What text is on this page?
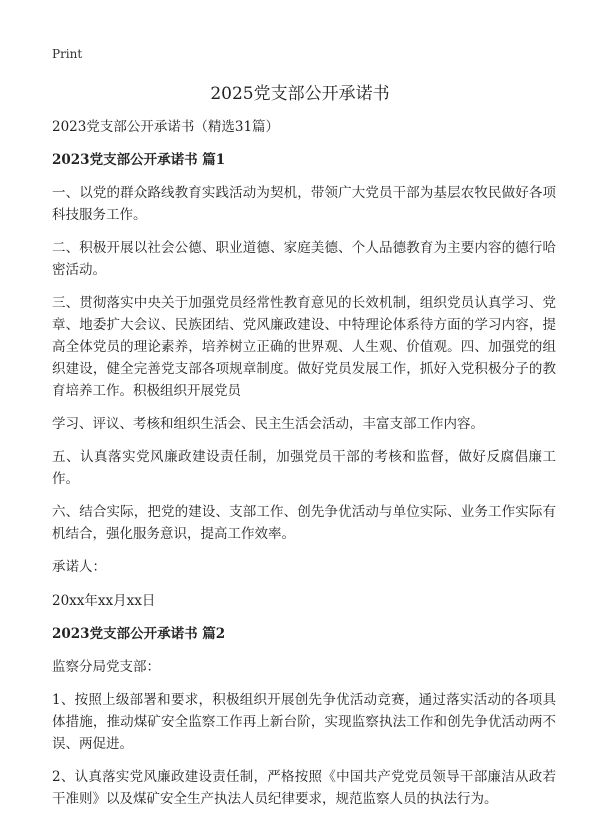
Print
2025党支部公开承诺书

2023党支部公开承诺书（精选31篇）

2023党支部公开承诺书 篇1

一、以党的群众路线教育实践活动为契机，带领广大党员干部为基层农牧民做好各项科技服务工作。

二、积极开展以社会公德、职业道德、家庭美德、个人品德教育为主要内容的德行哈密活动。

三、贯彻落实中央关于加强党员经常性教育意见的长效机制，组织党员认真学习、党章、地委扩大会议、民族团结、党风廉政建设、中特理论体系待方面的学习内容，提高全体党员的理论素养，培养树立正确的世界观、人生观、价值观。四、加强党的组织建设，健全完善党支部各项规章制度。做好党员发展工作，抓好入党积极分子的教育培养工作。积极组织开展党员

学习、评议、考核和组织生活会、民主生活会活动，丰富支部工作内容。

五、认真落实党风廉政建设责任制，加强党员干部的考核和监督，做好反腐倡廉工作。

六、结合实际，把党的建设、支部工作、创先争优活动与单位实际、业务工作实际有机结合，强化服务意识，提高工作效率。

承诺人：

20xx年xx月xx日

2023党支部公开承诺书 篇2

监察分局党支部：

1、按照上级部署和要求，积极组织开展创先争优活动竞赛，通过落实活动的各项具体措施，推动煤矿安全监察工作再上新台阶，实现监察执法工作和创先争优活动两不误、两促进。

2、认真落实党风廉政建设责任制，严格按照《中国共产党党员领导干部廉洁从政若干准则》以及煤矿安全生产执法人员纪律要求，规范监察人员的执法行为。
